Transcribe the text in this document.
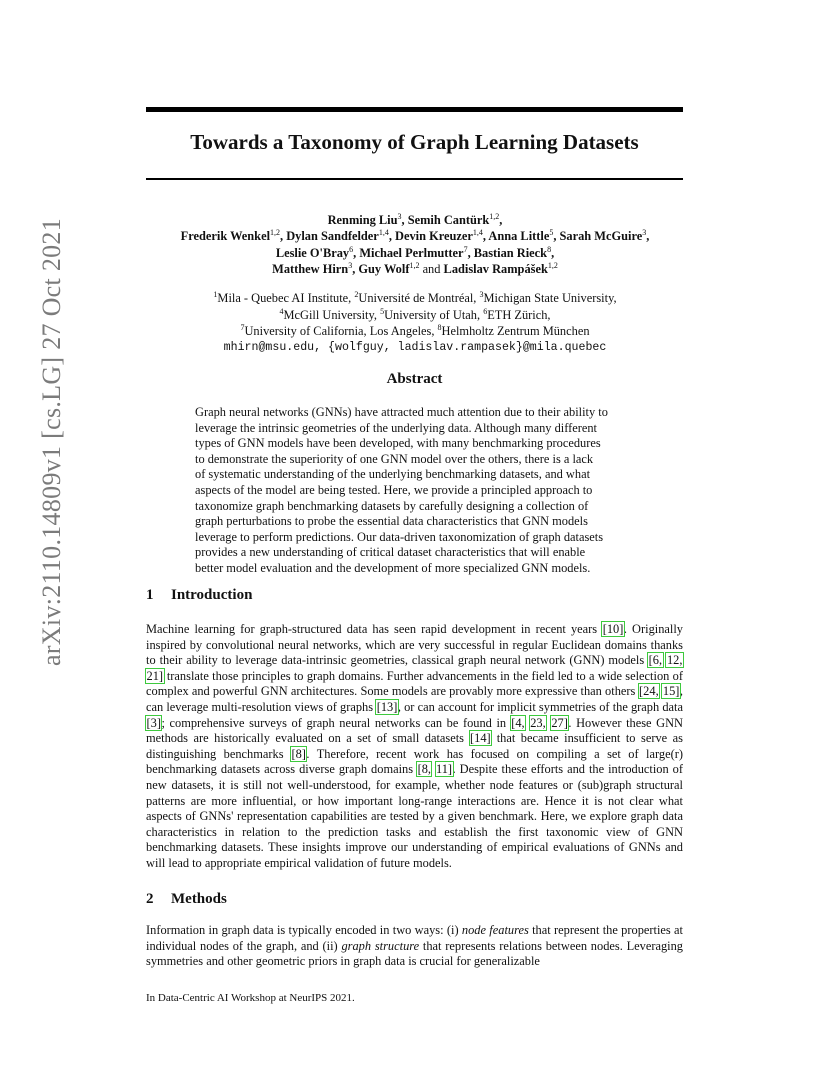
arXiv:2110.14809v1 [cs.LG] 27 Oct 2021
Towards a Taxonomy of Graph Learning Datasets
Renming Liu$^3$, Semih Cantürk$^{1,2}$,
Frederik Wenkel$^{1,2}$, Dylan Sandfelder$^{1,4}$, Devin Kreuzer$^{1,4}$, Anna Little$^5$, Sarah McGuire$^3$,
Leslie O'Bray$^6$, Michael Perlmutter$^7$, Bastian Rieck$^8$,
Matthew Hirn$^3$, Guy Wolf$^{1,2}$ and Ladislav Rampášek$^{1,2}$
$^1$Mila - Quebec AI Institute, $^2$Université de Montréal, $^3$Michigan State University,
$^4$McGill University, $^5$University of Utah, $^6$ETH Zürich,
$^7$University of California, Los Angeles, $^8$Helmholtz Zentrum München
mhirn@msu.edu, {wolfguy, ladislav.rampasek}@mila.quebec
Abstract
Graph neural networks (GNNs) have attracted much attention due to their ability to
leverage the intrinsic geometries of the underlying data. Although many different
types of GNN models have been developed, with many benchmarking procedures
to demonstrate the superiority of one GNN model over the others, there is a lack
of systematic understanding of the underlying benchmarking datasets, and what
aspects of the model are being tested. Here, we provide a principled approach to
taxonomize graph benchmarking datasets by carefully designing a collection of
graph perturbations to probe the essential data characteristics that GNN models
leverage to perform predictions. Our data-driven taxonomization of graph datasets
provides a new understanding of critical dataset characteristics that will enable
better model evaluation and the development of more specialized GNN models.
1 Introduction
Machine learning for graph-structured data has seen rapid development in recent years [10]. Originally inspired by convolutional neural networks, which are very successful in regular Euclidean domains thanks to their ability to leverage data-intrinsic geometries, classical graph neural network (GNN) models [6, 12, 21] translate those principles to graph domains. Further advancements in the field led to a wide selection of complex and powerful GNN architectures. Some models are provably more expressive than others [24, 15], can leverage multi-resolution views of graphs [13], or can account for implicit symmetries of the graph data [3]; comprehensive surveys of graph neural networks can be found in [4, 23, 27]. However these GNN methods are historically evaluated on a set of small datasets [14] that became insufficient to serve as distinguishing benchmarks [8]. Therefore, recent work has focused on compiling a set of large(r) benchmarking datasets across diverse graph domains [8, 11]. Despite these efforts and the introduction of new datasets, it is still not well-understood, for example, whether node features or (sub)graph structural patterns are more influential, or how important long-range interactions are. Hence it is not clear what aspects of GNNs' representation capabilities are tested by a given benchmark. Here, we explore graph data characteristics in relation to the prediction tasks and establish the first taxonomic view of GNN benchmarking datasets. These insights improve our understanding of empirical evaluations of GNNs and will lead to appropriate empirical validation of future models.
2 Methods
Information in graph data is typically encoded in two ways: (i) node features that represent the properties at individual nodes of the graph, and (ii) graph structure that represents relations between nodes. Leveraging symmetries and other geometric priors in graph data is crucial for generalizable
In Data-Centric AI Workshop at NeurIPS 2021.
